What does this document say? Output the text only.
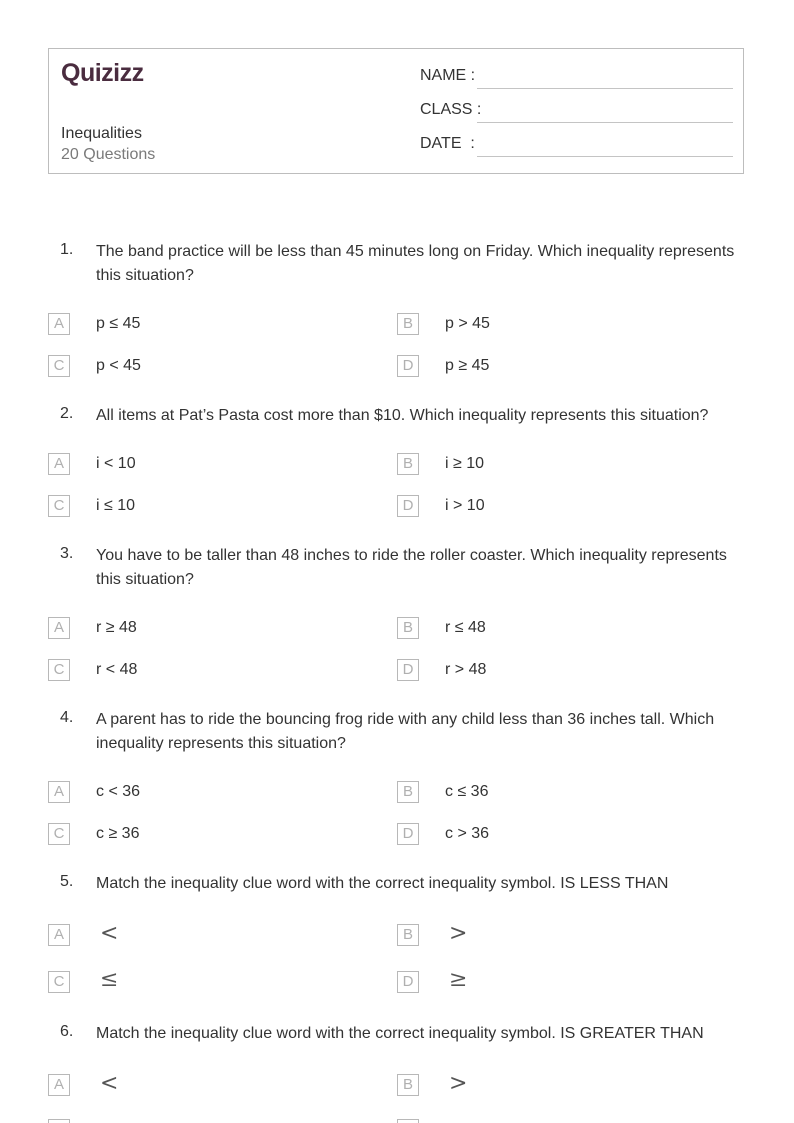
Quizizz
Inequalities
20 Questions
NAME :
CLASS :
DATE  :
1. The band practice will be less than 45 minutes long on Friday. Which inequality represents this situation?
A	p ≤ 45	B	p > 45
C	p < 45	D	p ≥ 45
2. All items at Pat’s Pasta cost more than $10. Which inequality represents this situation?
A	i < 10	B	i ≥ 10
C	i ≤ 10	D	i > 10
3. You have to be taller than 48 inches to ride the roller coaster. Which inequality represents this situation?
A	r ≥ 48	B	r ≤ 48
C	r < 48	D	r > 48
4. A parent has to ride the bouncing frog ride with any child less than 36 inches tall. Which inequality represents this situation?
A	c < 36	B	c ≤ 36
C	c ≥ 36	D	c > 36
5. Match the inequality clue word with the correct inequality symbol. IS LESS THAN
A <	B >
C ≤	D ≥
6. Match the inequality clue word with the correct inequality symbol. IS GREATER THAN
A <	B >
